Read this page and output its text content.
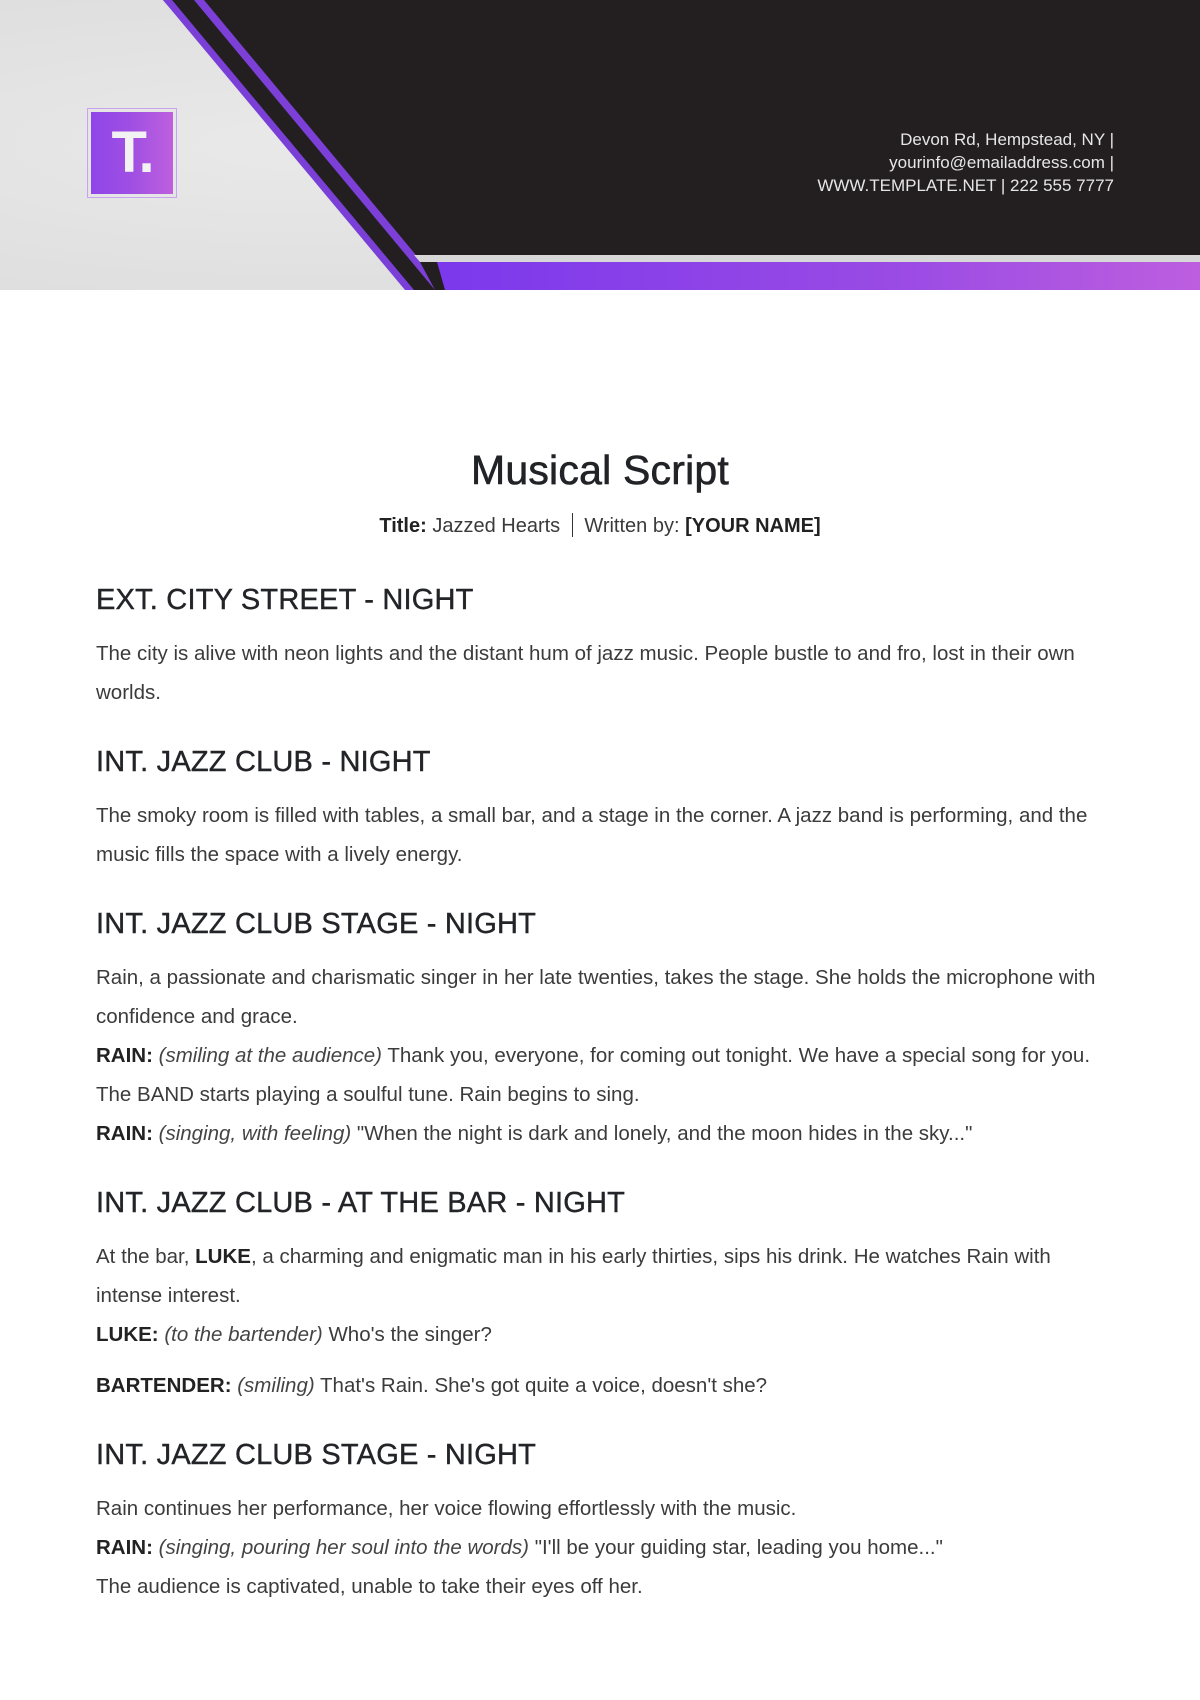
T.	Devon Rd, Hempstead, NY |
yourinfo@emailaddress.com |
WWW.TEMPLATE.NET | 222 555 7777
Musical Script
Title: Jazzed Hearts Written by: [YOUR NAME]
EXT. CITY STREET - NIGHT

The city is alive with neon lights and the distant hum of jazz music. People bustle to and fro, lost in their own worlds.

INT. JAZZ CLUB - NIGHT

The smoky room is filled with tables, a small bar, and a stage in the corner. A jazz band is performing, and the music fills the space with a lively energy.

INT. JAZZ CLUB STAGE - NIGHT

Rain, a passionate and charismatic singer in her late twenties, takes the stage. She holds the microphone with confidence and grace.

RAIN: (smiling at the audience) Thank you, everyone, for coming out tonight. We have a special song for you.

The BAND starts playing a soulful tune. Rain begins to sing.

RAIN: (singing, with feeling) "When the night is dark and lonely, and the moon hides in the sky..."

INT. JAZZ CLUB - AT THE BAR - NIGHT

At the bar, LUKE, a charming and enigmatic man in his early thirties, sips his drink. He watches Rain with intense interest.

LUKE: (to the bartender) Who's the singer?

BARTENDER: (smiling) That's Rain. She's got quite a voice, doesn't she?

INT. JAZZ CLUB STAGE - NIGHT

Rain continues her performance, her voice flowing effortlessly with the music.

RAIN: (singing, pouring her soul into the words) "I'll be your guiding star, leading you home..."

The audience is captivated, unable to take their eyes off her.
